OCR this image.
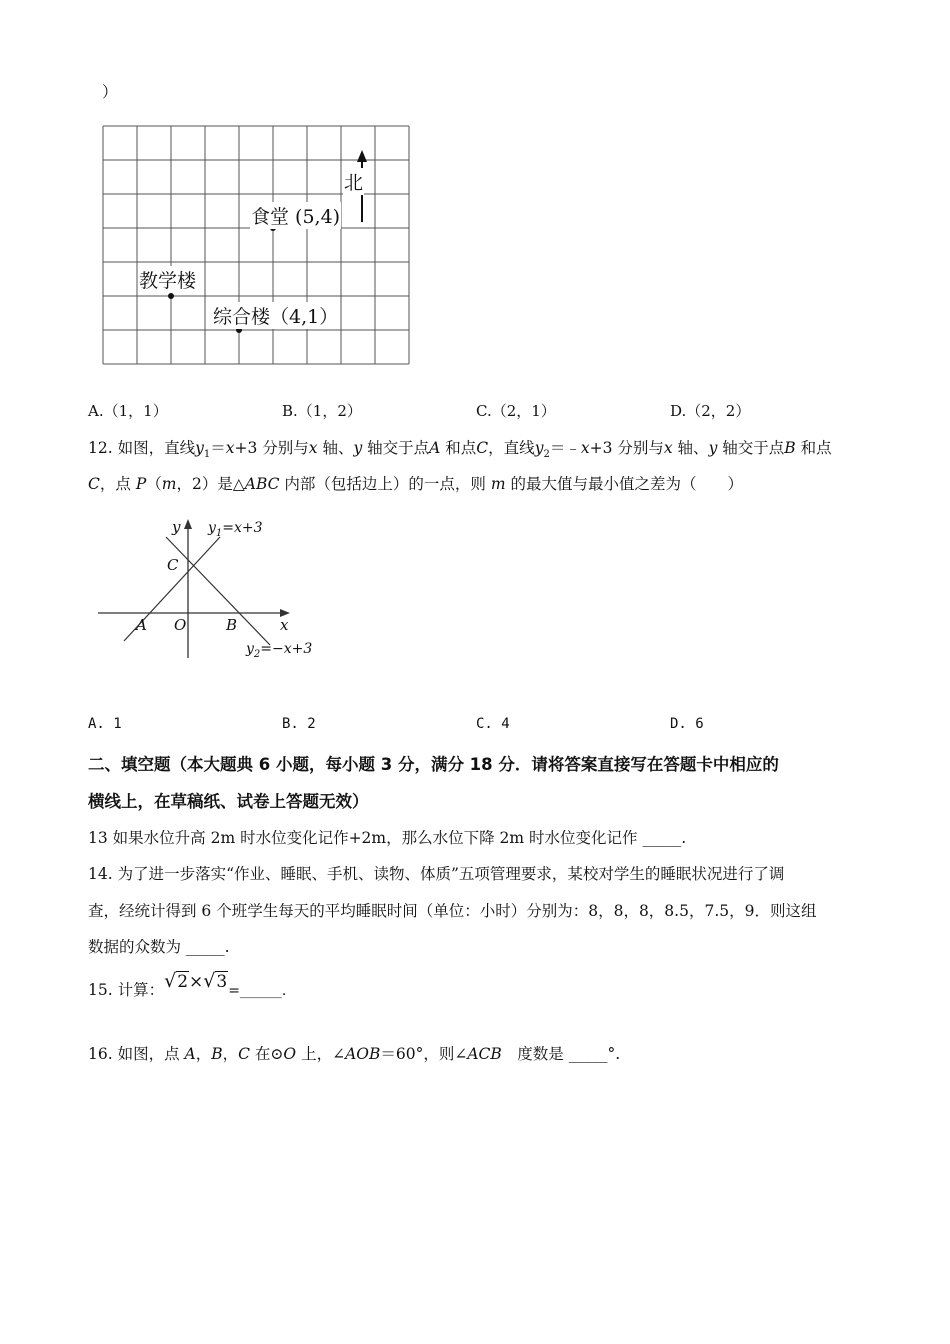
）
北
食堂 (5,4)
教学楼
综合楼（4,1）
A.（1，1）	B.（1，2）	C.（2，1）	D.（2，2）
12. 如图，直线$y_1=x+3$ 分别与x 轴、y 轴交于点A 和点C，直线$y_2=﹣x+3$ 分别与x 轴、y 轴交于点B 和点
C，点 P（m，2）是△ABC 内部（包括边上）的一点，则 m 的最大值与最小值之差为（　　）
y $y_1=x+3$
C
x
A O	B
$y_2=-x+3$
A. 1	B. 2	C. 4	D. 6
二、填空题（本大题典 6 小题，每小题 3 分，满分 18 分．请将答案直接写在答题卡中相应的
横线上，在草稿纸、试卷上答题无效）
13 如果水位升高 2m 时水位变化记作+2m，那么水位下降 2m 时水位变化记作 _____.
14. 为了进一步落实“作业、睡眠、手机、读物、体质”五项管理要求，某校对学生的睡眠状况进行了调
查，经统计得到 6 个班学生每天的平均睡眠时间（单位：小时）分别为：8，8，8，8.5，7.5，9．则这组
数据的众数为 _____.
15. 计算：√2×√3=______.
16. 如图，点 A，B，C 在⊙O 上，∠AOB＝60°，则∠ACB　度数是 _____°.
